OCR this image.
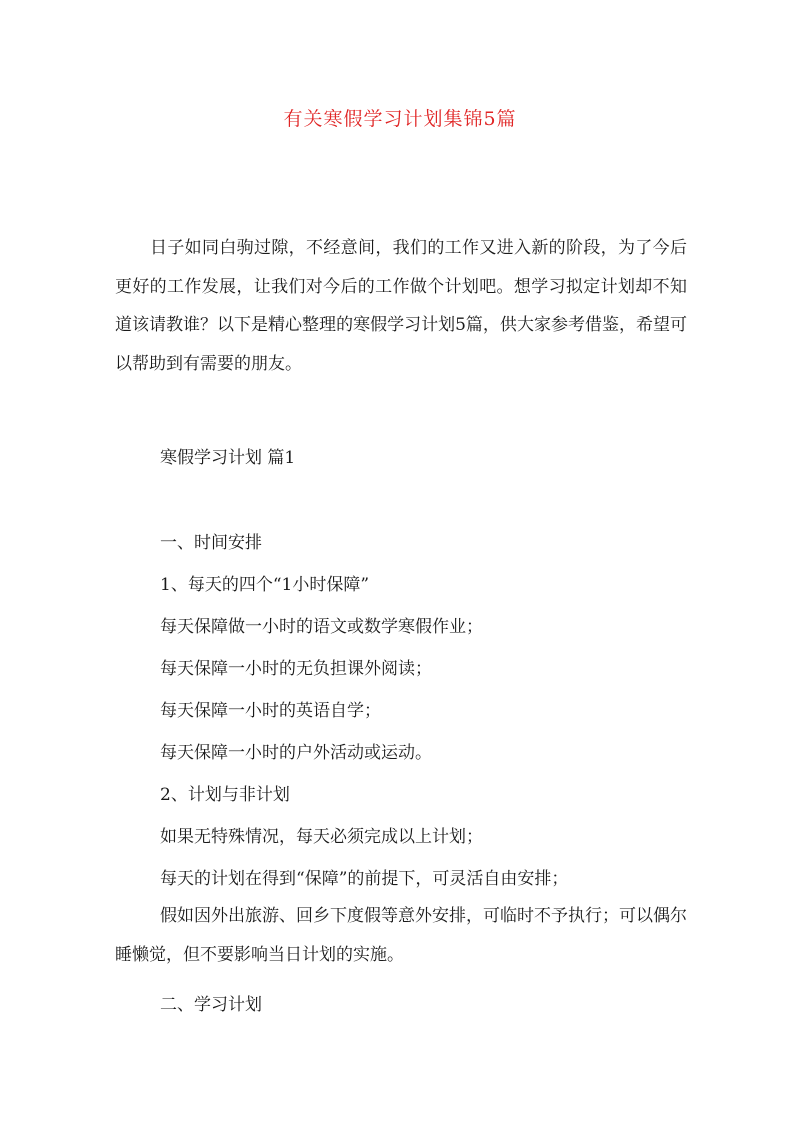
有关寒假学习计划集锦5篇
日子如同白驹过隙，不经意间，我们的工作又进入新的阶段，为了今后更好的工作发展，让我们对今后的工作做个计划吧。想学习拟定计划却不知道该请教谁？以下是精心整理的寒假学习计划5篇，供大家参考借鉴，希望可以帮助到有需要的朋友。
寒假学习计划 篇1
一、时间安排
1、每天的四个“1小时保障”
每天保障做一小时的语文或数学寒假作业；
每天保障一小时的无负担课外阅读；
每天保障一小时的英语自学；
每天保障一小时的户外活动或运动。
2、计划与非计划
如果无特殊情况，每天必须完成以上计划；
每天的计划在得到“保障”的前提下，可灵活自由安排；
假如因外出旅游、回乡下度假等意外安排，可临时不予执行；可以偶尔睡懒觉，但不要影响当日计划的实施。
二、学习计划
